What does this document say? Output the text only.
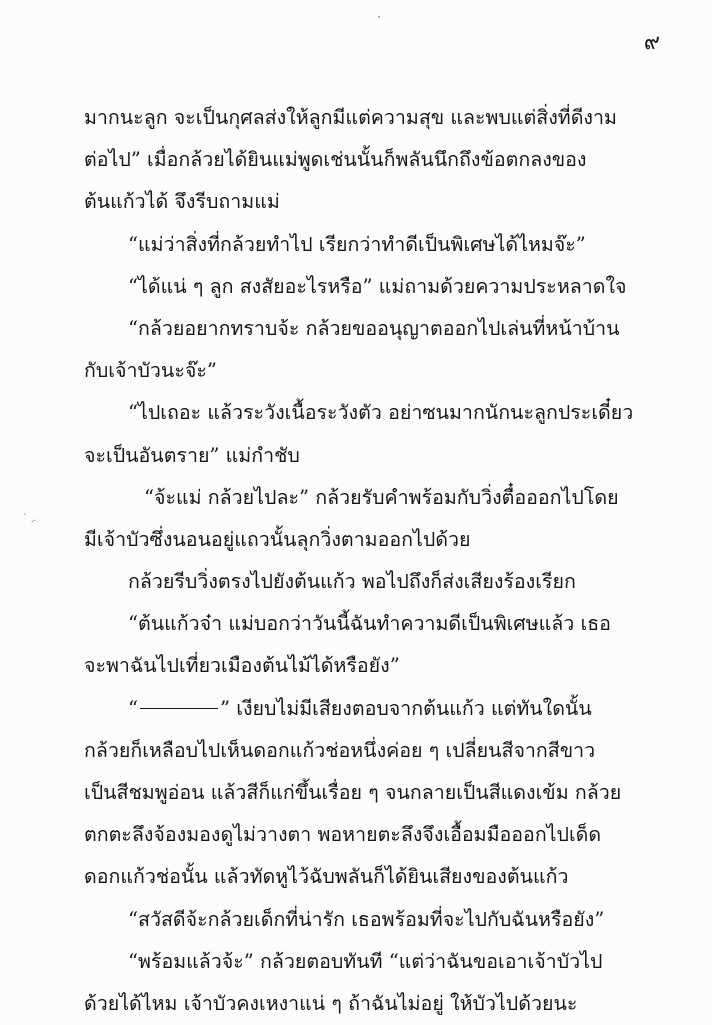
๙
˙ ̤
มากนะลูก จะเป็นกุศลส่งให้ลูกมีแต่ความสุข และพบแต่สิ่งที่ดีงาม
ต่อไป” เมื่อกล้วยได้ยินแม่พูดเช่นนั้นก็พลันนึกถึงข้อตกลงของ
ต้นแก้วได้ จึงรีบถามแม่
“แม่ว่าสิ่งที่กล้วยทำไป เรียกว่าทำดีเป็นพิเศษได้ไหมจ๊ะ”
“ได้แน่ ๆ ลูก สงสัยอะไรหรือ” แม่ถามด้วยความประหลาดใจ
“กล้วยอยากทราบจ้ะ กล้วยขออนุญาตออกไปเล่นที่หน้าบ้าน
กับเจ้าบัวนะจ๊ะ”
“ไปเถอะ แล้วระวังเนื้อระวังตัว อย่าซนมากนักนะลูกประเดี๋ยว
จะเป็นอันตราย” แม่กำชับ
“จ้ะแม่ กล้วยไปละ” กล้วยรับคำพร้อมกับวิ่งตื๋อออกไปโดย
มีเจ้าบัวซึ่งนอนอยู่แถวนั้นลุกวิ่งตามออกไปด้วย
กล้วยรีบวิ่งตรงไปยังต้นแก้ว พอไปถึงก็ส่งเสียงร้องเรียก
“ต้นแก้วจ๋า แม่บอกว่าวันนี้ฉันทำความดีเป็นพิเศษแล้ว เธอ
จะพาฉันไปเที่ยวเมืองต้นไม้ได้หรือยัง”
“	” เงียบไม่มีเสียงตอบจากต้นแก้ว แต่ทันใดนั้น
กล้วยก็เหลือบไปเห็นดอกแก้วช่อหนึ่งค่อย ๆ เปลี่ยนสีจากสีขาว
เป็นสีชมพูอ่อน แล้วสีก็แก่ขึ้นเรื่อย ๆ จนกลายเป็นสีแดงเข้ม กล้วย
ตกตะลึงจ้องมองดูไม่วางตา พอหายตะลึงจึงเอื้อมมือออกไปเด็ด
ดอกแก้วช่อนั้น แล้วทัดหูไว้ฉับพลันก็ได้ยินเสียงของต้นแก้ว
“สวัสดีจ้ะกล้วยเด็กที่น่ารัก เธอพร้อมที่จะไปกับฉันหรือยัง”
“พร้อมแล้วจ้ะ” กล้วยตอบทันที “แต่ว่าฉันขอเอาเจ้าบัวไป
ด้วยได้ไหม เจ้าบัวคงเหงาแน่ ๆ ถ้าฉันไม่อยู่ ให้บัวไปด้วยนะ
